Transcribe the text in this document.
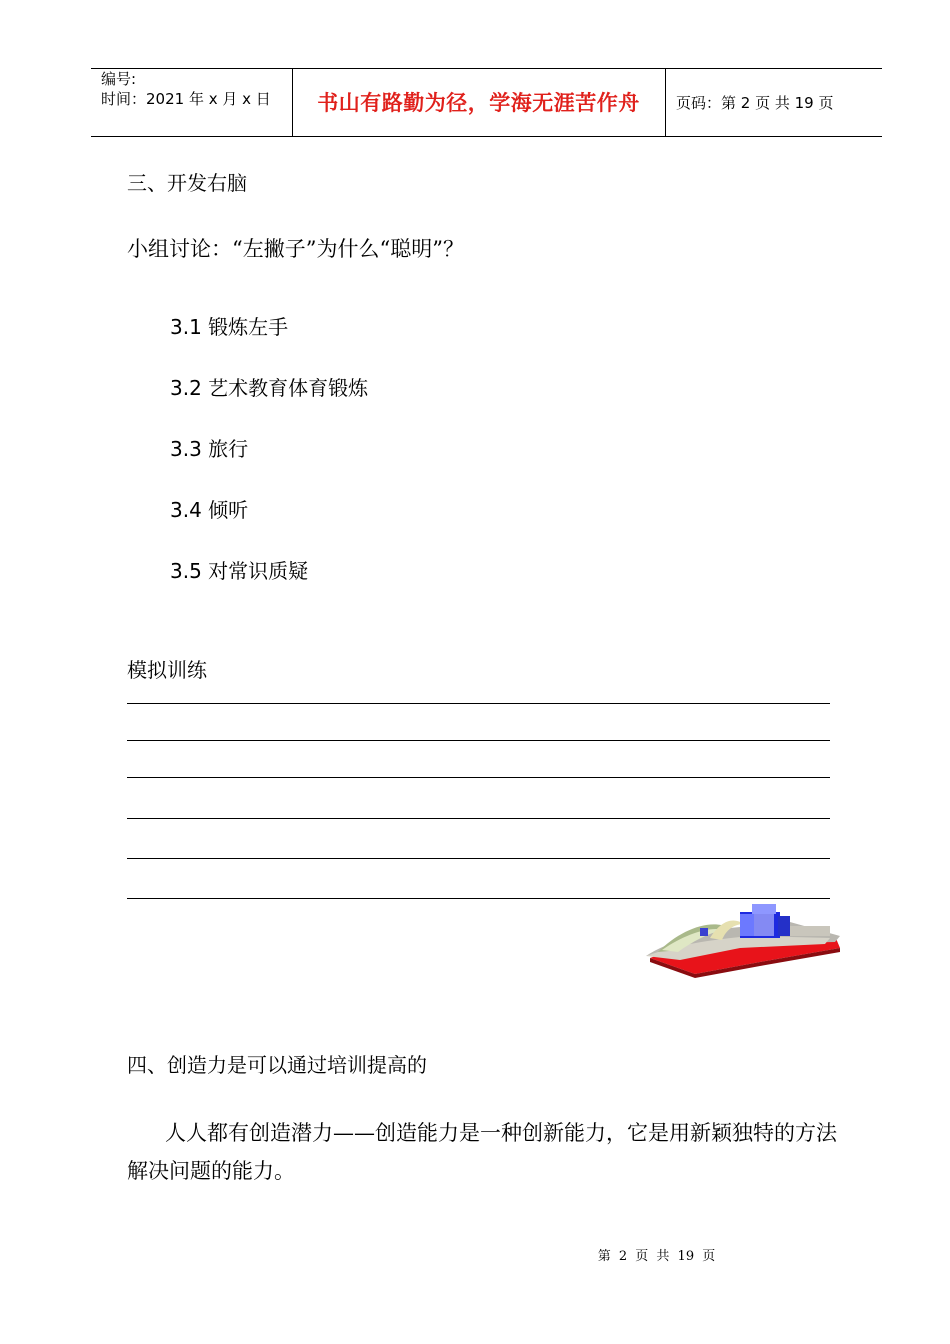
编号:
时间：2021 年 x 月 x 日	书山有路勤为径，学海无涯苦作舟	页码：第 2 页 共 19 页
三、开发右脑
小组讨论：“左撇子”为什么“聪明”？
3.1 锻炼左手
3.2 艺术教育体育锻炼
3.3 旅行
3.4 倾听
3.5 对常识质疑
模拟训练
四、创造力是可以通过培训提高的
人人都有创造潜力——创造能力是一种创新能力，它是用新颖独特的方法解决问题的能力。
第 2 页 共 19 页
